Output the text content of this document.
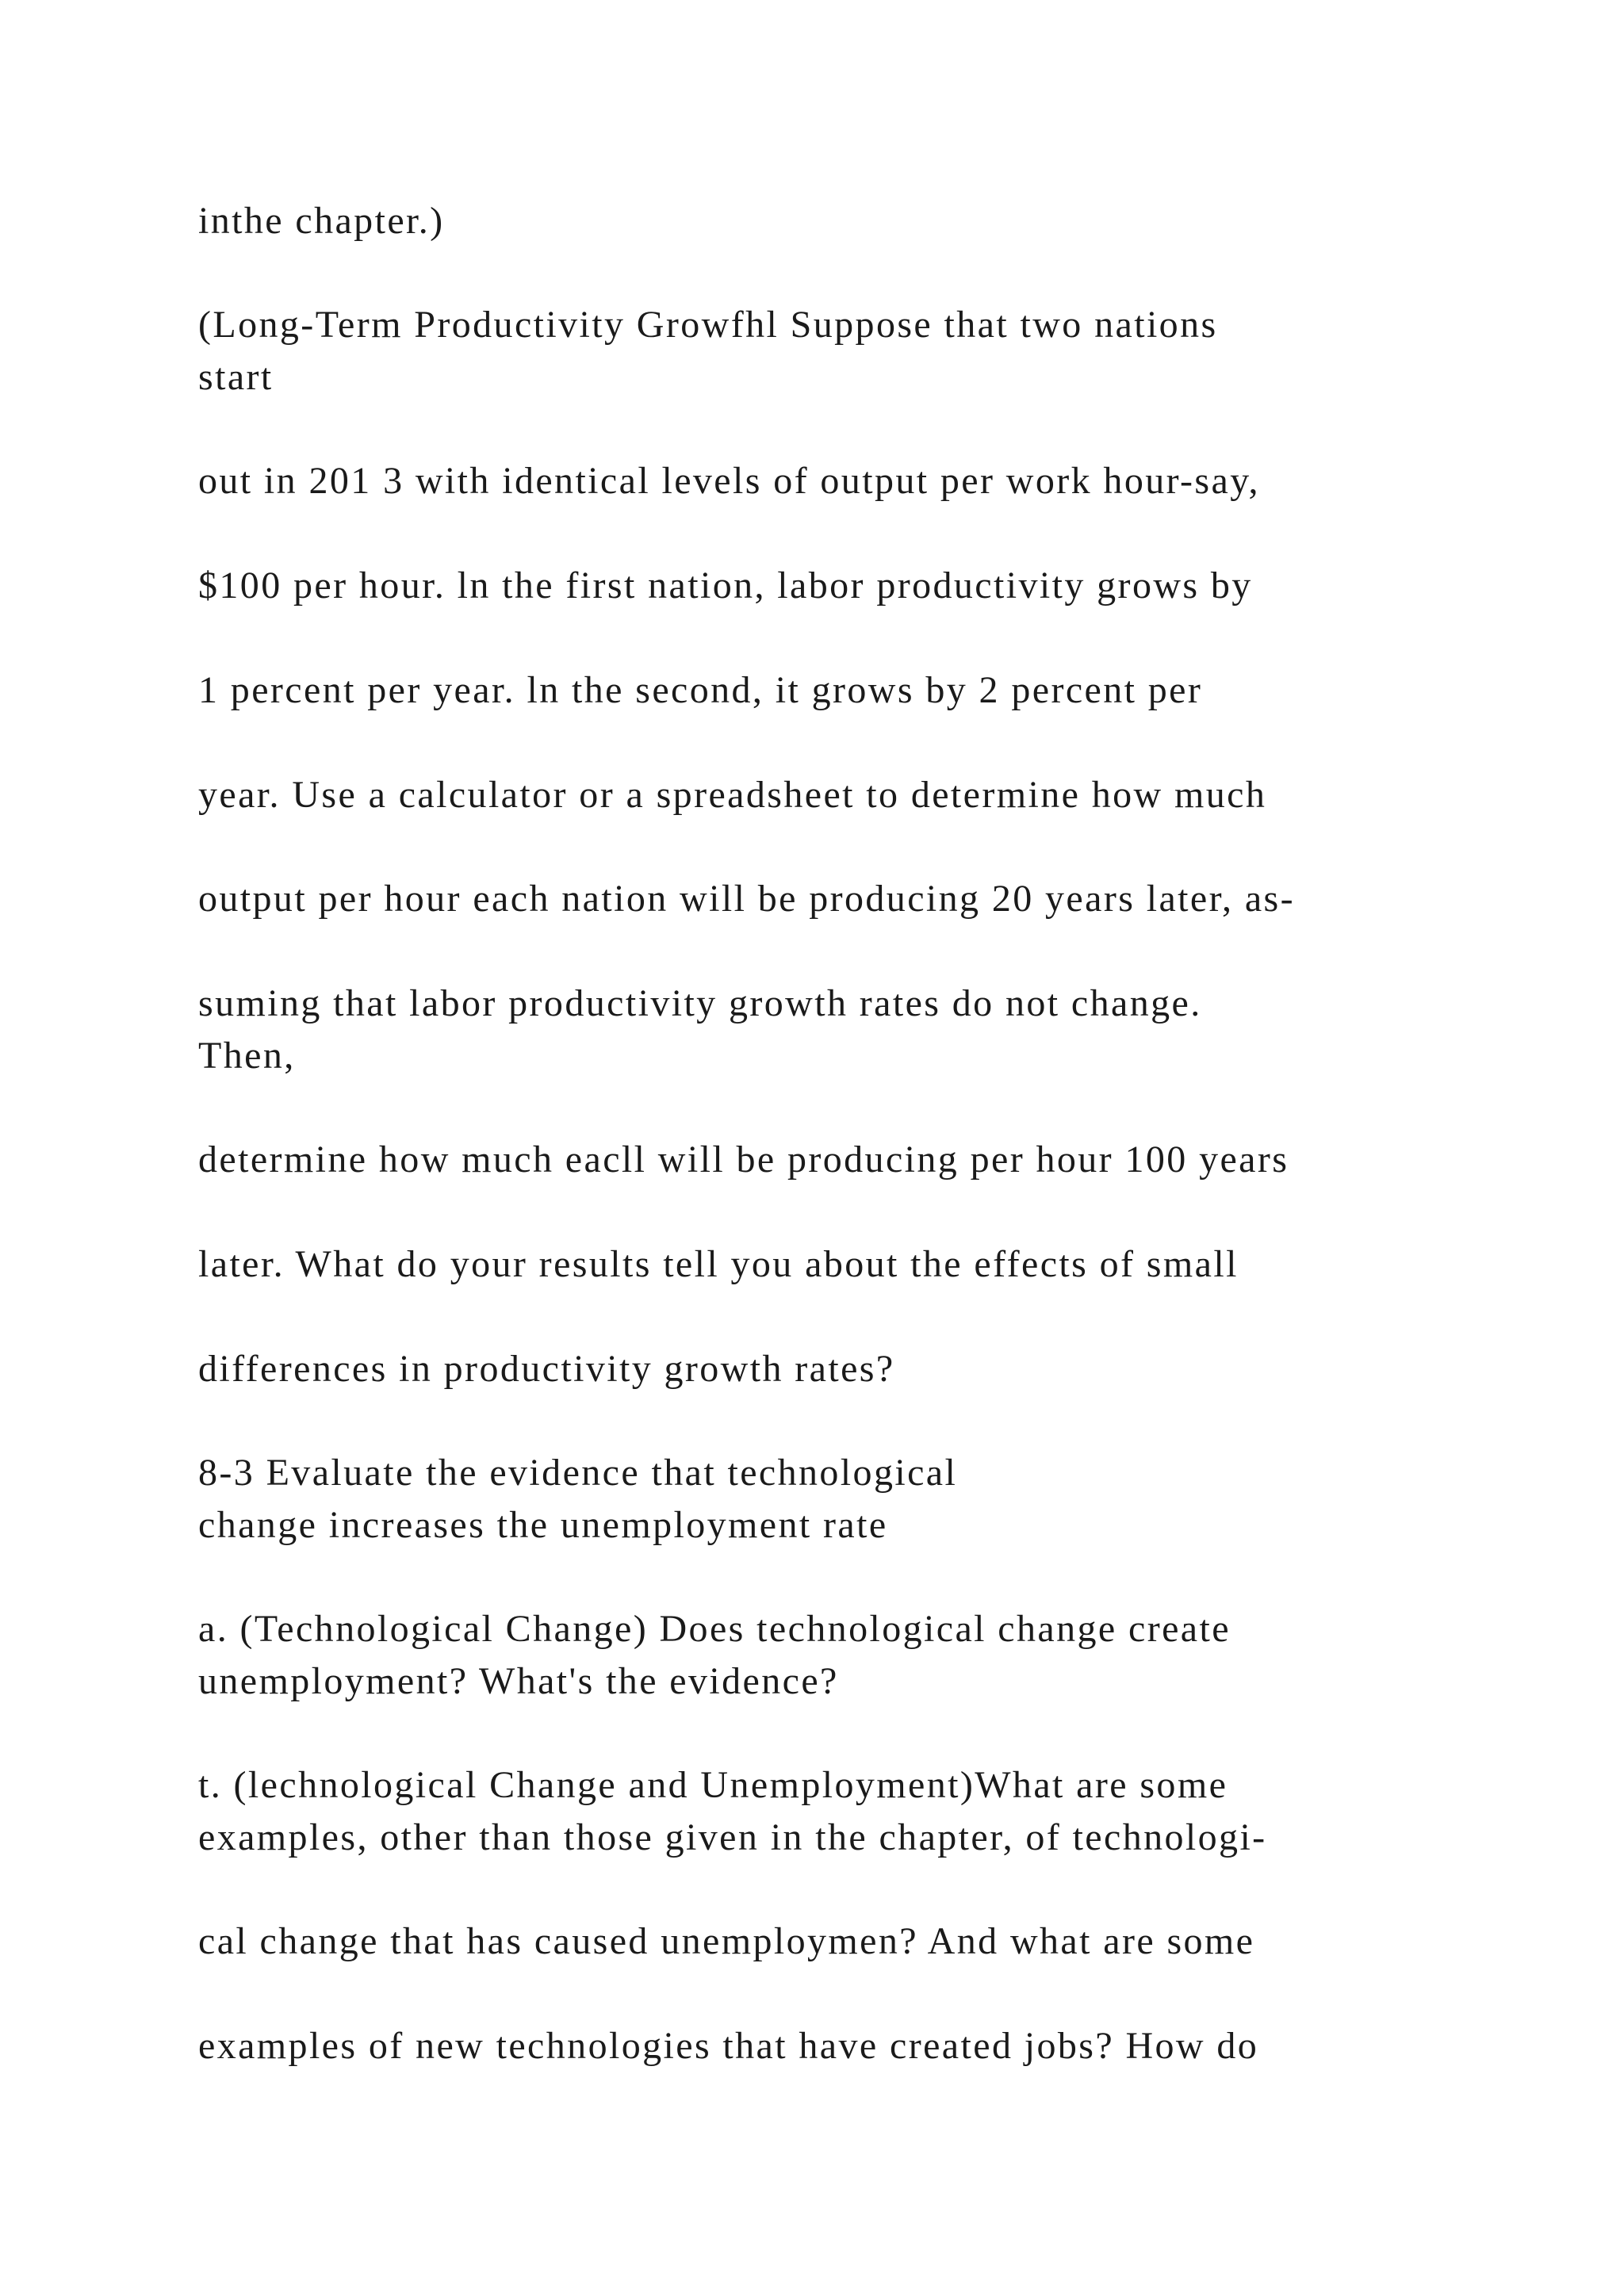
inthe chapter.)

(Long-Term Productivity Growfhl Suppose that two nations
start

out in 201 3 with identical levels of output per work hour-say,

$100 per hour. ln the first nation, labor productivity grows by

1 percent per year. ln the second, it grows by 2 percent per

year. Use a calculator or a spreadsheet to determine how much

output per hour each nation will be producing 20 years later, as-

suming that labor productivity growth rates do not change.
Then,

determine how much eacll will be producing per hour 100 years

later. What do your results tell you about the effects of small

differences in productivity growth rates?

8-3 Evaluate the evidence that technological
change increases the unemployment rate

a. (Technological Change) Does technological change create
unemployment? What's the evidence?

t. (lechnological Change and Unemployment)What are some
examples, other than those given in the chapter, of technologi-

cal change that has caused unemploymen? And what are some

examples of new technologies that have created jobs? How do
